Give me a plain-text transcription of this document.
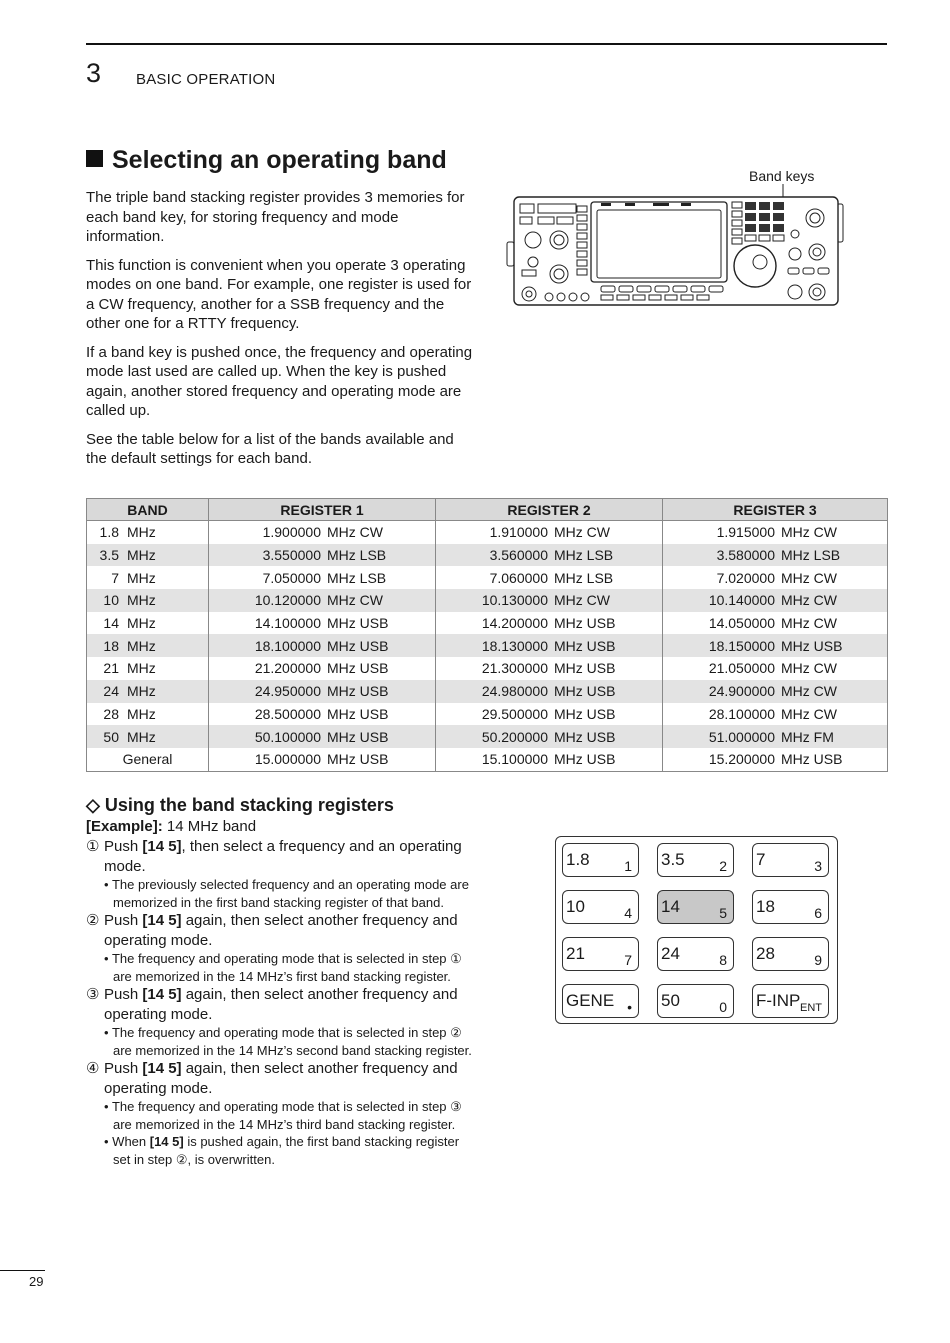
3 BASIC OPERATION
Selecting an operating band

The triple band stacking register provides 3 memories for each band key, for storing frequency and mode information.

This function is convenient when you operate 3 operating modes on one band. For example, one register is used for a CW frequency, another for a SSB frequency and the other one for a RTTY frequency.

If a band key is pushed once, the frequency and operating mode last used are called up. When the key is pushed again, another stored frequency and operating mode are called up.

See the table below for a list of the bands available and the default settings for each band.

Band keys
BAND	REGISTER 1	REGISTER 2	REGISTER 3
1.8 MHz	1.900000 MHz CW	1.910000 MHz CW	1.915000 MHz CW
3.5 MHz	3.550000 MHz LSB	3.560000 MHz LSB	3.580000 MHz LSB
7 MHz	7.050000 MHz LSB	7.060000 MHz LSB	7.020000 MHz CW
10 MHz	10.120000 MHz CW	10.130000 MHz CW	10.140000 MHz CW
14 MHz	14.100000 MHz USB	14.200000 MHz USB	14.050000 MHz CW
18 MHz	18.100000 MHz USB	18.130000 MHz USB	18.150000 MHz USB
21 MHz	21.200000 MHz USB	21.300000 MHz USB	21.050000 MHz CW
24 MHz	24.950000 MHz USB	24.980000 MHz USB	24.900000 MHz CW
28 MHz	28.500000 MHz USB	29.500000 MHz USB	28.100000 MHz CW
50 MHz	50.100000 MHz USB	50.200000 MHz USB	51.000000 MHz FM
General	15.000000 MHz USB	15.100000 MHz USB	15.200000 MHz USB
◇ Using the band stacking registers
[Example]: 14 MHz band
① Push [14 5], then select a frequency and an operating mode.
• The previously selected frequency and an operating mode are memorized in the first band stacking register of that band.
② Push [14 5] again, then select another frequency and operating mode.
• The frequency and operating mode that is selected in step ① are memorized in the 14 MHz’s first band stacking register.
③ Push [14 5] again, then select another frequency and operating mode.
• The frequency and operating mode that is selected in step ② are memorized in the 14 MHz’s second band stacking register.
④ Push [14 5] again, then select another frequency and operating mode.
• The frequency and operating mode that is selected in step ③ are memorized in the 14 MHz’s third band stacking register.
• When [14 5] is pushed again, the first band stacking register set in step ②, is overwritten.
1.8 1 3.5 2 7	3
10	4 14	5 18	6
21	7 24	8 28	9
GENE • 50	0 F-INP ENT
29
